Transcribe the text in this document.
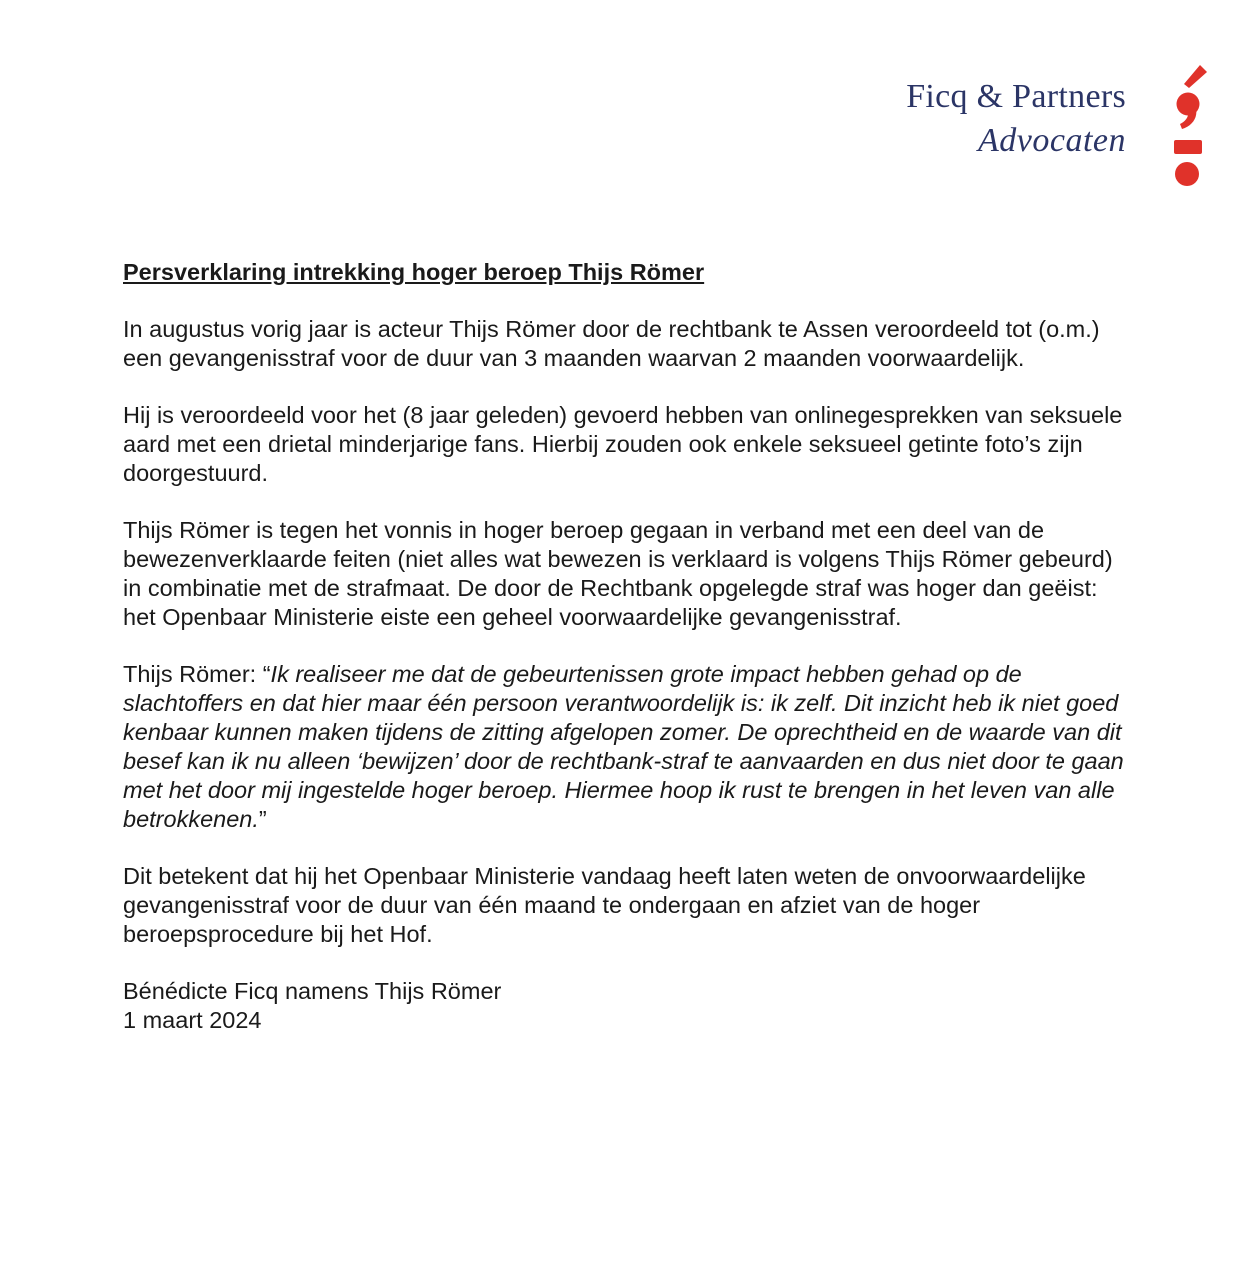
Ficq & Partners
Advocaten

Persverklaring intrekking hoger beroep Thijs Römer

In augustus vorig jaar is acteur Thijs Römer door de rechtbank te Assen veroordeeld tot (o.m.) een gevangenisstraf voor de duur van 3 maanden waarvan 2 maanden voorwaardelijk.

Hij is veroordeeld voor het (8 jaar geleden) gevoerd hebben van onlinegesprekken van seksuele aard met een drietal minderjarige fans. Hierbij zouden ook enkele seksueel getinte foto’s zijn doorgestuurd.

Thijs Römer is tegen het vonnis in hoger beroep gegaan in verband met een deel van de bewezenverklaarde feiten (niet alles wat bewezen is verklaard is volgens Thijs Römer gebeurd) in combinatie met de strafmaat. De door de Rechtbank opgelegde straf was hoger dan geëist: het Openbaar Ministerie eiste een geheel voorwaardelijke gevangenisstraf.

Thijs Römer: “Ik realiseer me dat de gebeurtenissen grote impact hebben gehad op de slachtoffers en dat hier maar één persoon verantwoordelijk is: ik zelf. Dit inzicht heb ik niet goed kenbaar kunnen maken tijdens de zitting afgelopen zomer. De oprechtheid en de waarde van dit besef kan ik nu alleen ‘bewijzen’ door de rechtbank-straf te aanvaarden en dus niet door te gaan met het door mij ingestelde hoger beroep. Hiermee hoop ik rust te brengen in het leven van alle betrokkenen.”

Dit betekent dat hij het Openbaar Ministerie vandaag heeft laten weten de onvoorwaardelijke gevangenisstraf voor de duur van één maand te ondergaan en afziet van de hoger beroepsprocedure bij het Hof.

Bénédicte Ficq namens Thijs Römer

1 maart 2024
